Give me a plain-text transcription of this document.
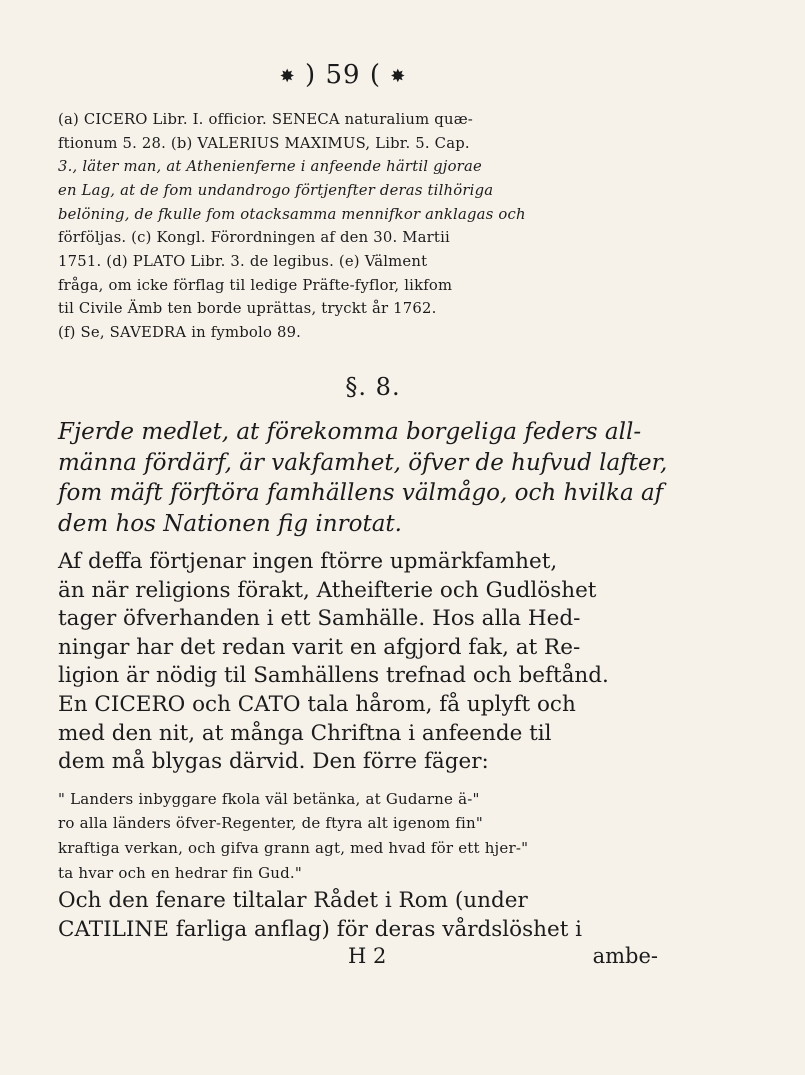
✸ ) 59 ( ✸

(a) CICERO Libr. I. officior. SENECA naturalium quæ-

ftionum 5. 28. (b) VALERIUS MAXIMUS, Libr. 5. Cap.

3., läter man, at Athenienferne i anfeende härtil gjorae

en Lag, at de fom undandrogo förtjenfter deras tilhöriga

belöning, de fkulle fom otacksamma mennifkor anklagas och

förföljas. (c) Kongl. Förordningen af den 30. Martii

1751. (d) PLATO Libr. 3. de legibus. (e) Välment

fråga, om icke förflag til ledige Präfte-fyflor, likfom

til Civile Ämb ten borde uprättas, tryckt år 1762.

(f) Se, SAVEDRA in fymbolo 89.

§. 8.
Fjerde medlet, at förekomma borgeliga feders all-
männa fördärf, är vakfamhet, öfver de hufvud lafter,
fom mäft förftöra famhällens välmågo, och hvilka af
dem hos Nationen fig inrotat.

Af deffa förtjenar ingen ftörre upmärkfamhet,

än när religions förakt, Atheifterie och Gudlöshet

tager öfverhanden i ett Samhälle. Hos alla Hed-

ningar har det redan varit en afgjord fak, at Re-

ligion är nödig til Samhällens trefnad och beftånd.

En CICERO och CATO tala hårom, få uplyft och

med den nit, at många Chriftna i anfeende til

dem må blygas därvid. Den förre fäger:

" Landers inbyggare fkola väl betänka, at Gudarne ä-"

ro alla länders öfver-Regenter, de ftyra alt igenom fin"

kraftiga verkan, och gifva grann agt, med hvad för ett hjer-"

ta hvar och en hedrar fin Gud."

Och den fenare tiltalar Rådet i Rom (under
CATILINE farliga anflag) för deras vårdslöshet i
H 2	ambe-
